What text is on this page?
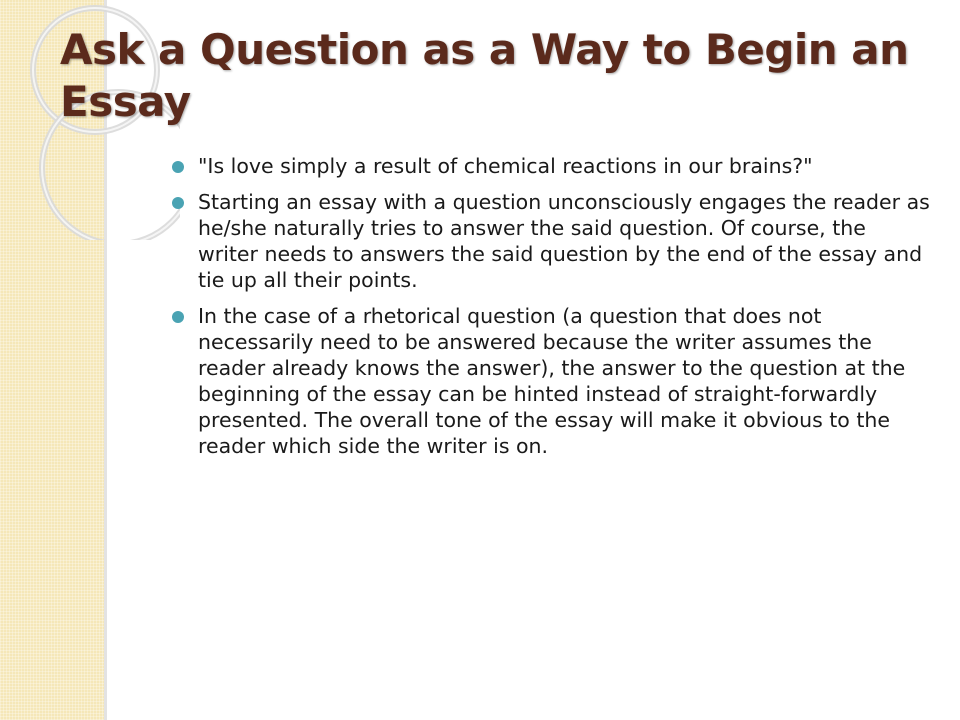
Ask a Question as a Way to Begin an Essay
"Is love simply a result of chemical reactions in our brains?"
Starting an essay with a question unconsciously engages the reader as he/she naturally tries to answer the said question. Of course, the writer needs to answers the said question by the end of the essay and tie up all their points.
In the case of a rhetorical question (a question that does not necessarily need to be answered because the writer assumes the reader already knows the answer), the answer to the question at the beginning of the essay can be hinted instead of straight-forwardly presented. The overall tone of the essay will make it obvious to the reader which side the writer is on.
